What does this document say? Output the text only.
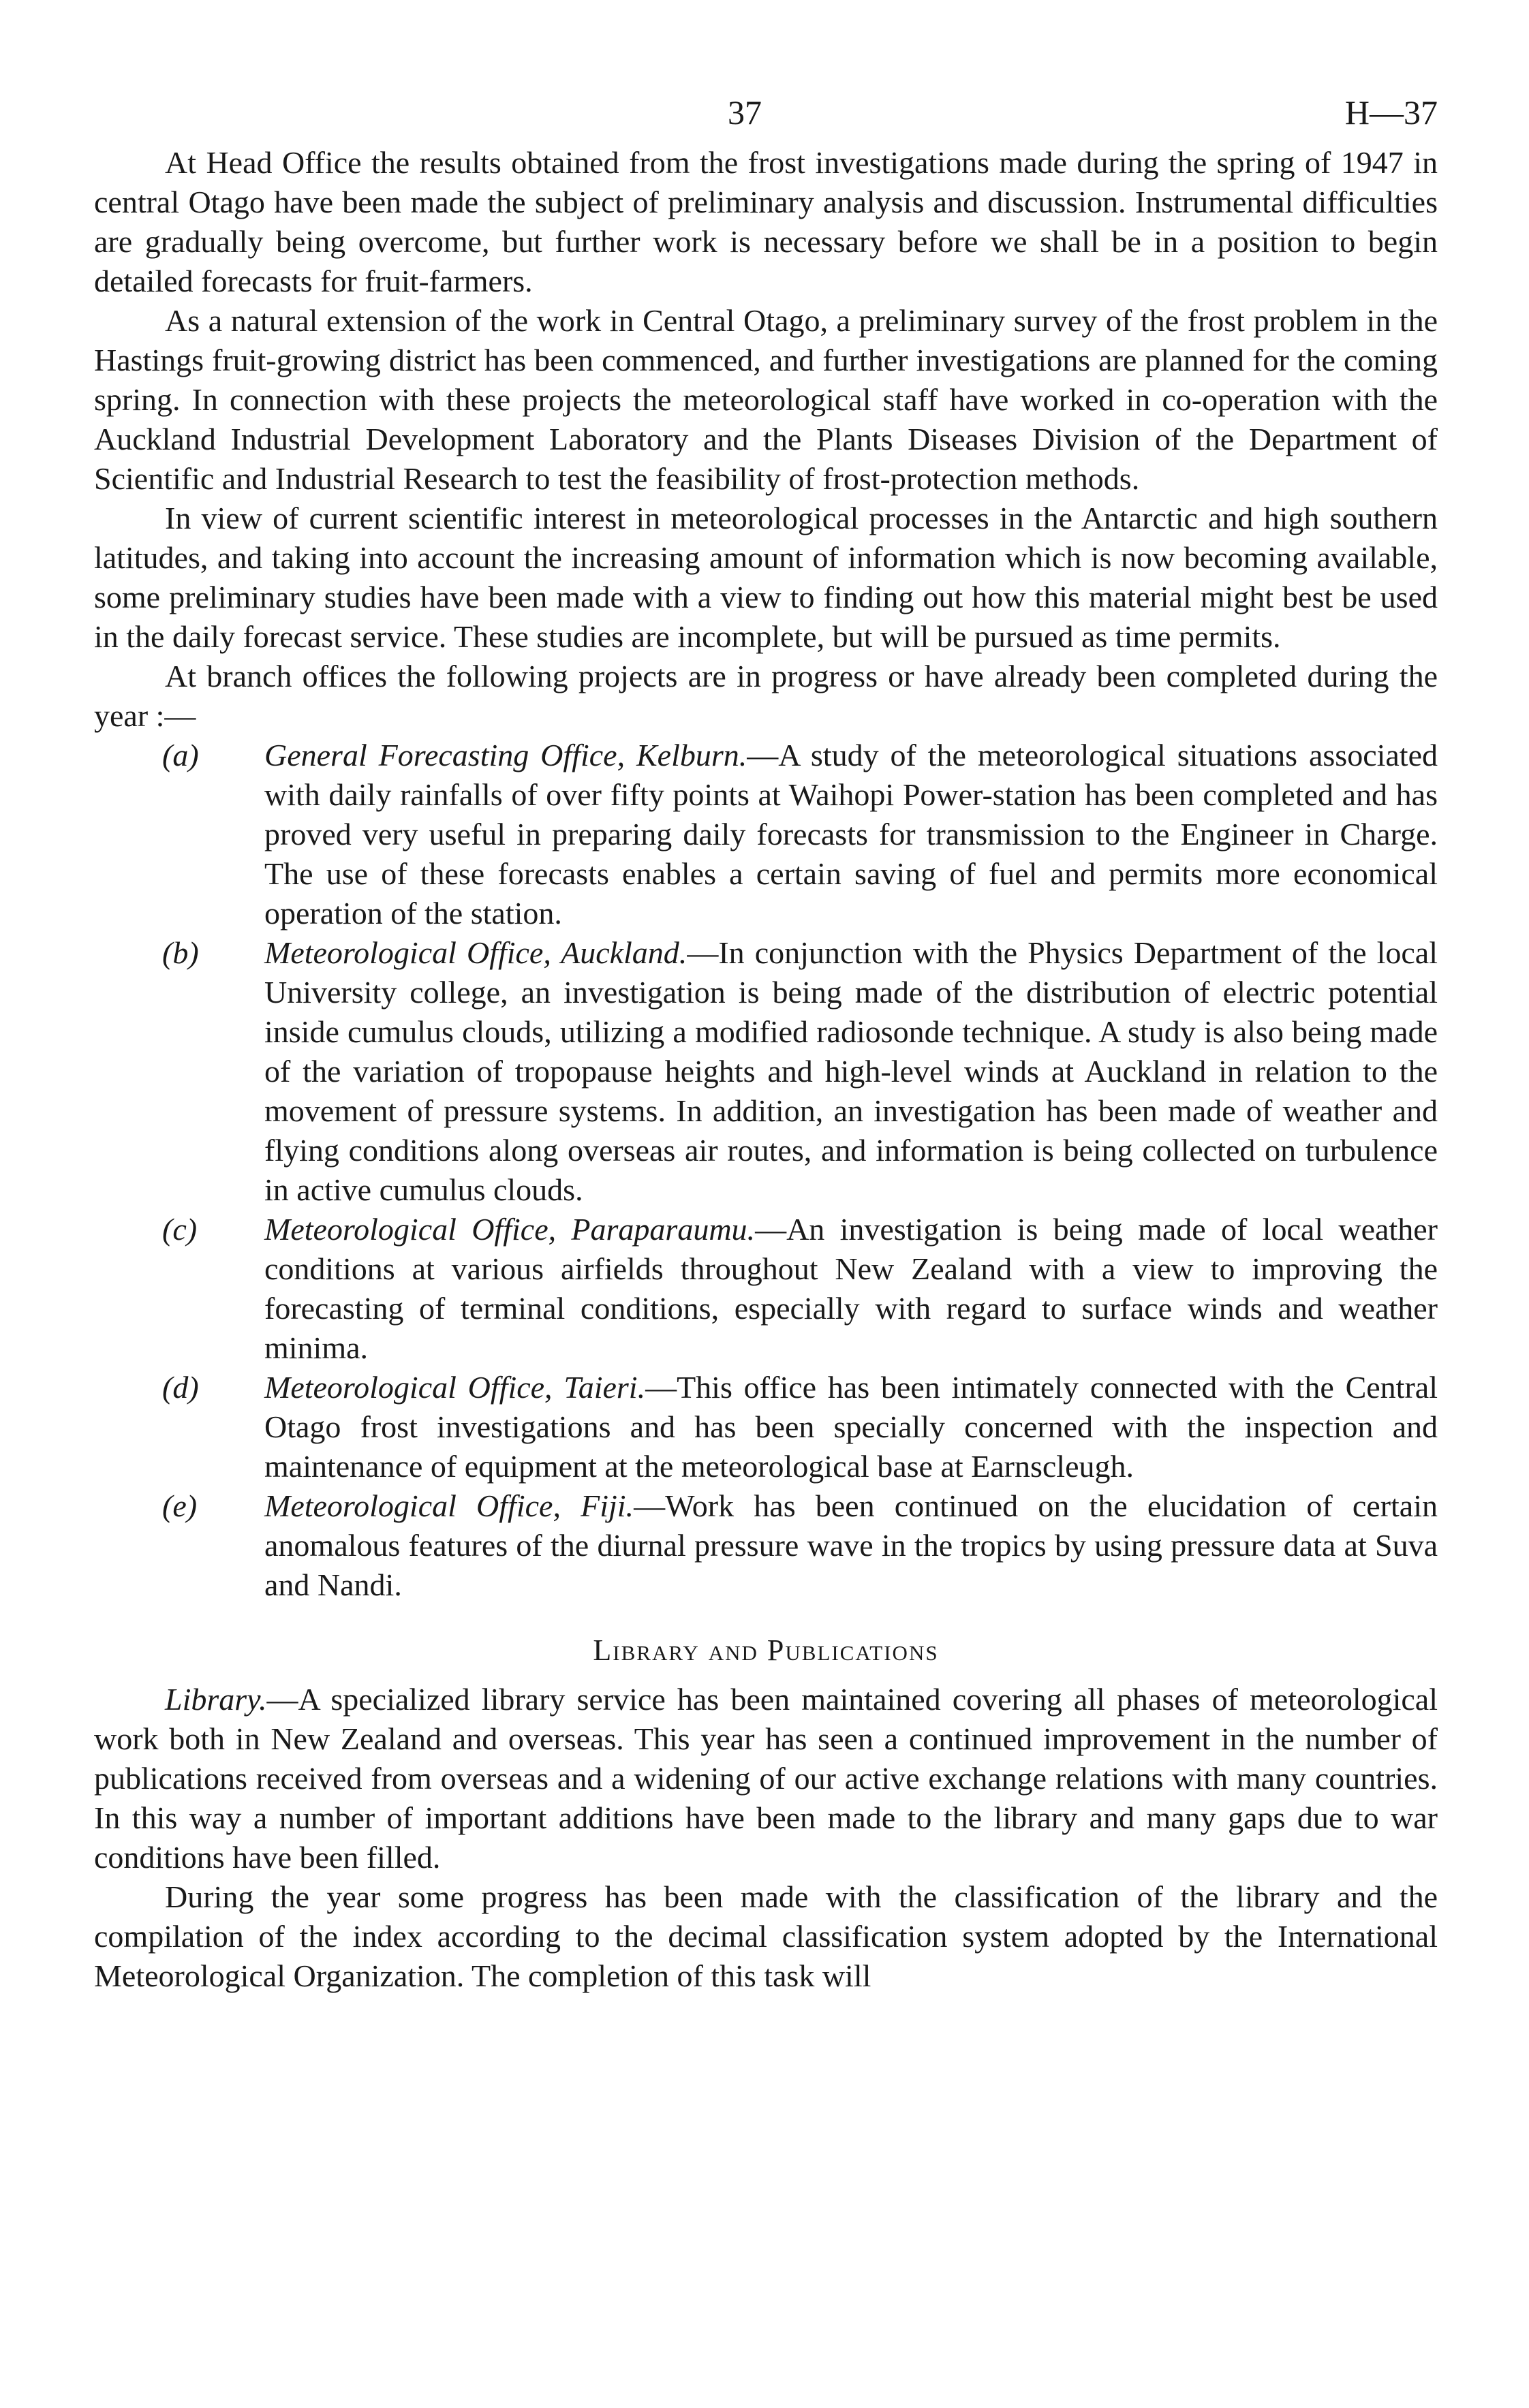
37	H—37

At Head Office the results obtained from the frost investigations made during the spring of 1947 in central Otago have been made the subject of preliminary analysis and discussion. Instrumental difficulties are gradually being overcome, but further work is necessary before we shall be in a position to begin detailed forecasts for fruit-farmers.

As a natural extension of the work in Central Otago, a preliminary survey of the frost problem in the Hastings fruit-growing district has been commenced, and further investigations are planned for the coming spring. In connection with these projects the meteorological staff have worked in co-operation with the Auckland Industrial Development Laboratory and the Plants Diseases Division of the Department of Scientific and Industrial Research to test the feasibility of frost-protection methods.

In view of current scientific interest in meteorological processes in the Antarctic and high southern latitudes, and taking into account the increasing amount of information which is now becoming available, some preliminary studies have been made with a view to finding out how this material might best be used in the daily forecast service. These studies are incomplete, but will be pursued as time permits.

At branch offices the following projects are in progress or have already been completed during the year :—

(a) General Forecasting Office, Kelburn.—A study of the meteorological situations associated with daily rainfalls of over fifty points at Waihopi Power-station has been completed and has proved very useful in preparing daily forecasts for transmission to the Engineer in Charge. The use of these forecasts enables a certain saving of fuel and permits more economical operation of the station.
(b) Meteorological Office, Auckland.—In conjunction with the Physics Department of the local University college, an investigation is being made of the distribution of electric potential inside cumulus clouds, utilizing a modified radiosonde technique. A study is also being made of the variation of tropopause heights and high-level winds at Auckland in relation to the movement of pressure systems. In addition, an investigation has been made of weather and flying conditions along overseas air routes, and information is being collected on turbulence in active cumulus clouds.
(c) Meteorological Office, Paraparaumu.—An investigation is being made of local weather conditions at various airfields throughout New Zealand with a view to improving the forecasting of terminal conditions, especially with regard to surface winds and weather minima.
(d) Meteorological Office, Taieri.—This office has been intimately connected with the Central Otago frost investigations and has been specially concerned with the inspection and maintenance of equipment at the meteorological base at Earnscleugh.
(e) Meteorological Office, Fiji.—Work has been continued on the elucidation of certain anomalous features of the diurnal pressure wave in the tropics by using pressure data at Suva and Nandi.
Library and Publications

Library.—A specialized library service has been maintained covering all phases of meteorological work both in New Zealand and overseas. This year has seen a continued improvement in the number of publications received from overseas and a widening of our active exchange relations with many countries. In this way a number of important additions have been made to the library and many gaps due to war conditions have been filled.

During the year some progress has been made with the classification of the library and the compilation of the index according to the decimal classification system adopted by the International Meteorological Organization. The completion of this task will
